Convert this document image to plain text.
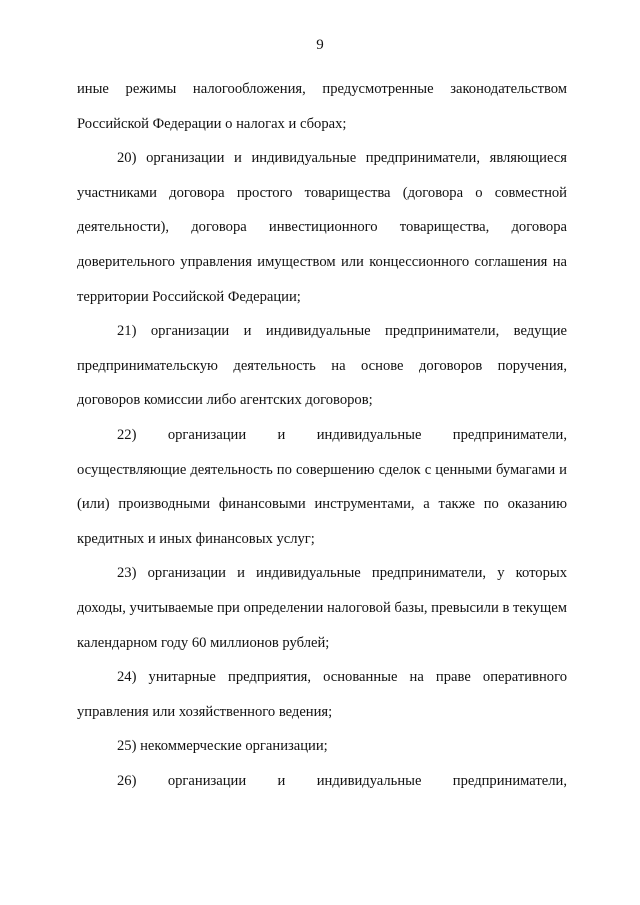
9

иные режимы налогообложения, предусмотренные законодательством Российской Федерации о налогах и сборах;

20) организации и индивидуальные предприниматели, являющиеся участниками договора простого товарищества (договора о совместной деятельности), договора инвестиционного товарищества, договора доверительного управления имуществом или концессионного соглашения на территории Российской Федерации;

21) организации и индивидуальные предприниматели, ведущие предпринимательскую деятельность на основе договоров поручения, договоров комиссии либо агентских договоров;

22) организации и индивидуальные предприниматели, осуществляющие деятельность по совершению сделок с ценными бумагами и (или) производными финансовыми инструментами, а также по оказанию кредитных и иных финансовых услуг;

23) организации и индивидуальные предприниматели, у которых доходы, учитываемые при определении налоговой базы, превысили в текущем календарном году 60 миллионов рублей;

24) унитарные предприятия, основанные на праве оперативного управления или хозяйственного ведения;

25) некоммерческие организации;

26) организации и индивидуальные предприниматели,
